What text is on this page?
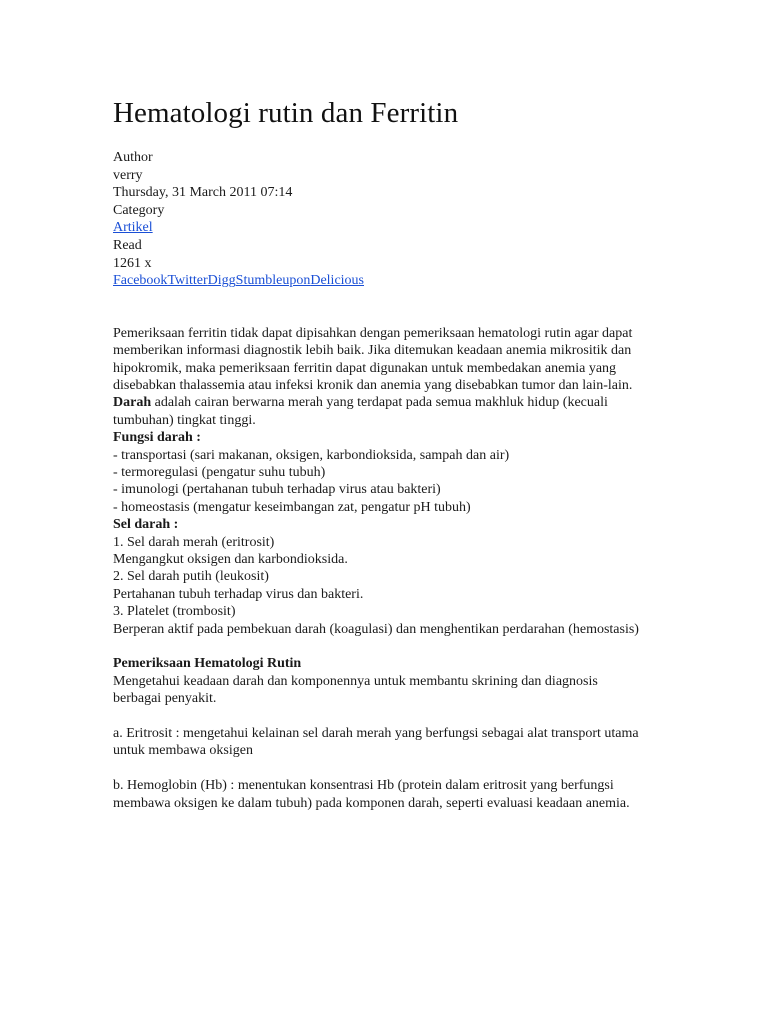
Hematologi rutin dan Ferritin
Author
verry
Thursday, 31 March 2011 07:14
Category
Artikel
Read
1261 x
FacebookTwitterDiggStumbleuponDelicious

Pemeriksaan ferritin tidak dapat dipisahkan dengan pemeriksaan hematologi rutin agar dapat memberikan informasi diagnostik lebih baik. Jika ditemukan keadaan anemia mikrositik dan hipokromik, maka pemeriksaan ferritin dapat digunakan untuk membedakan anemia yang disebabkan thalassemia atau infeksi kronik dan anemia yang disebabkan tumor dan lain-lain.

Darah adalah cairan berwarna merah yang terdapat pada semua makhluk hidup (kecuali tumbuhan) tingkat tinggi.

Fungsi darah :

- transportasi (sari makanan, oksigen, karbondioksida, sampah dan air)

- termoregulasi (pengatur suhu tubuh)

- imunologi (pertahanan tubuh terhadap virus atau bakteri)

- homeostasis (mengatur keseimbangan zat, pengatur pH tubuh)

Sel darah :

1. Sel darah merah (eritrosit)

Mengangkut oksigen dan karbondioksida.

2. Sel darah putih (leukosit)

Pertahanan tubuh terhadap virus dan bakteri.

3. Platelet (trombosit)

Berperan aktif pada pembekuan darah (koagulasi) dan menghentikan perdarahan (hemostasis)

Pemeriksaan Hematologi Rutin

Mengetahui keadaan darah dan komponennya untuk membantu skrining dan diagnosis berbagai penyakit.

a. Eritrosit : mengetahui kelainan sel darah merah yang berfungsi sebagai alat transport utama untuk membawa oksigen

b. Hemoglobin (Hb) : menentukan konsentrasi Hb (protein dalam eritrosit yang berfungsi membawa oksigen ke dalam tubuh) pada komponen darah, seperti evaluasi keadaan anemia.
